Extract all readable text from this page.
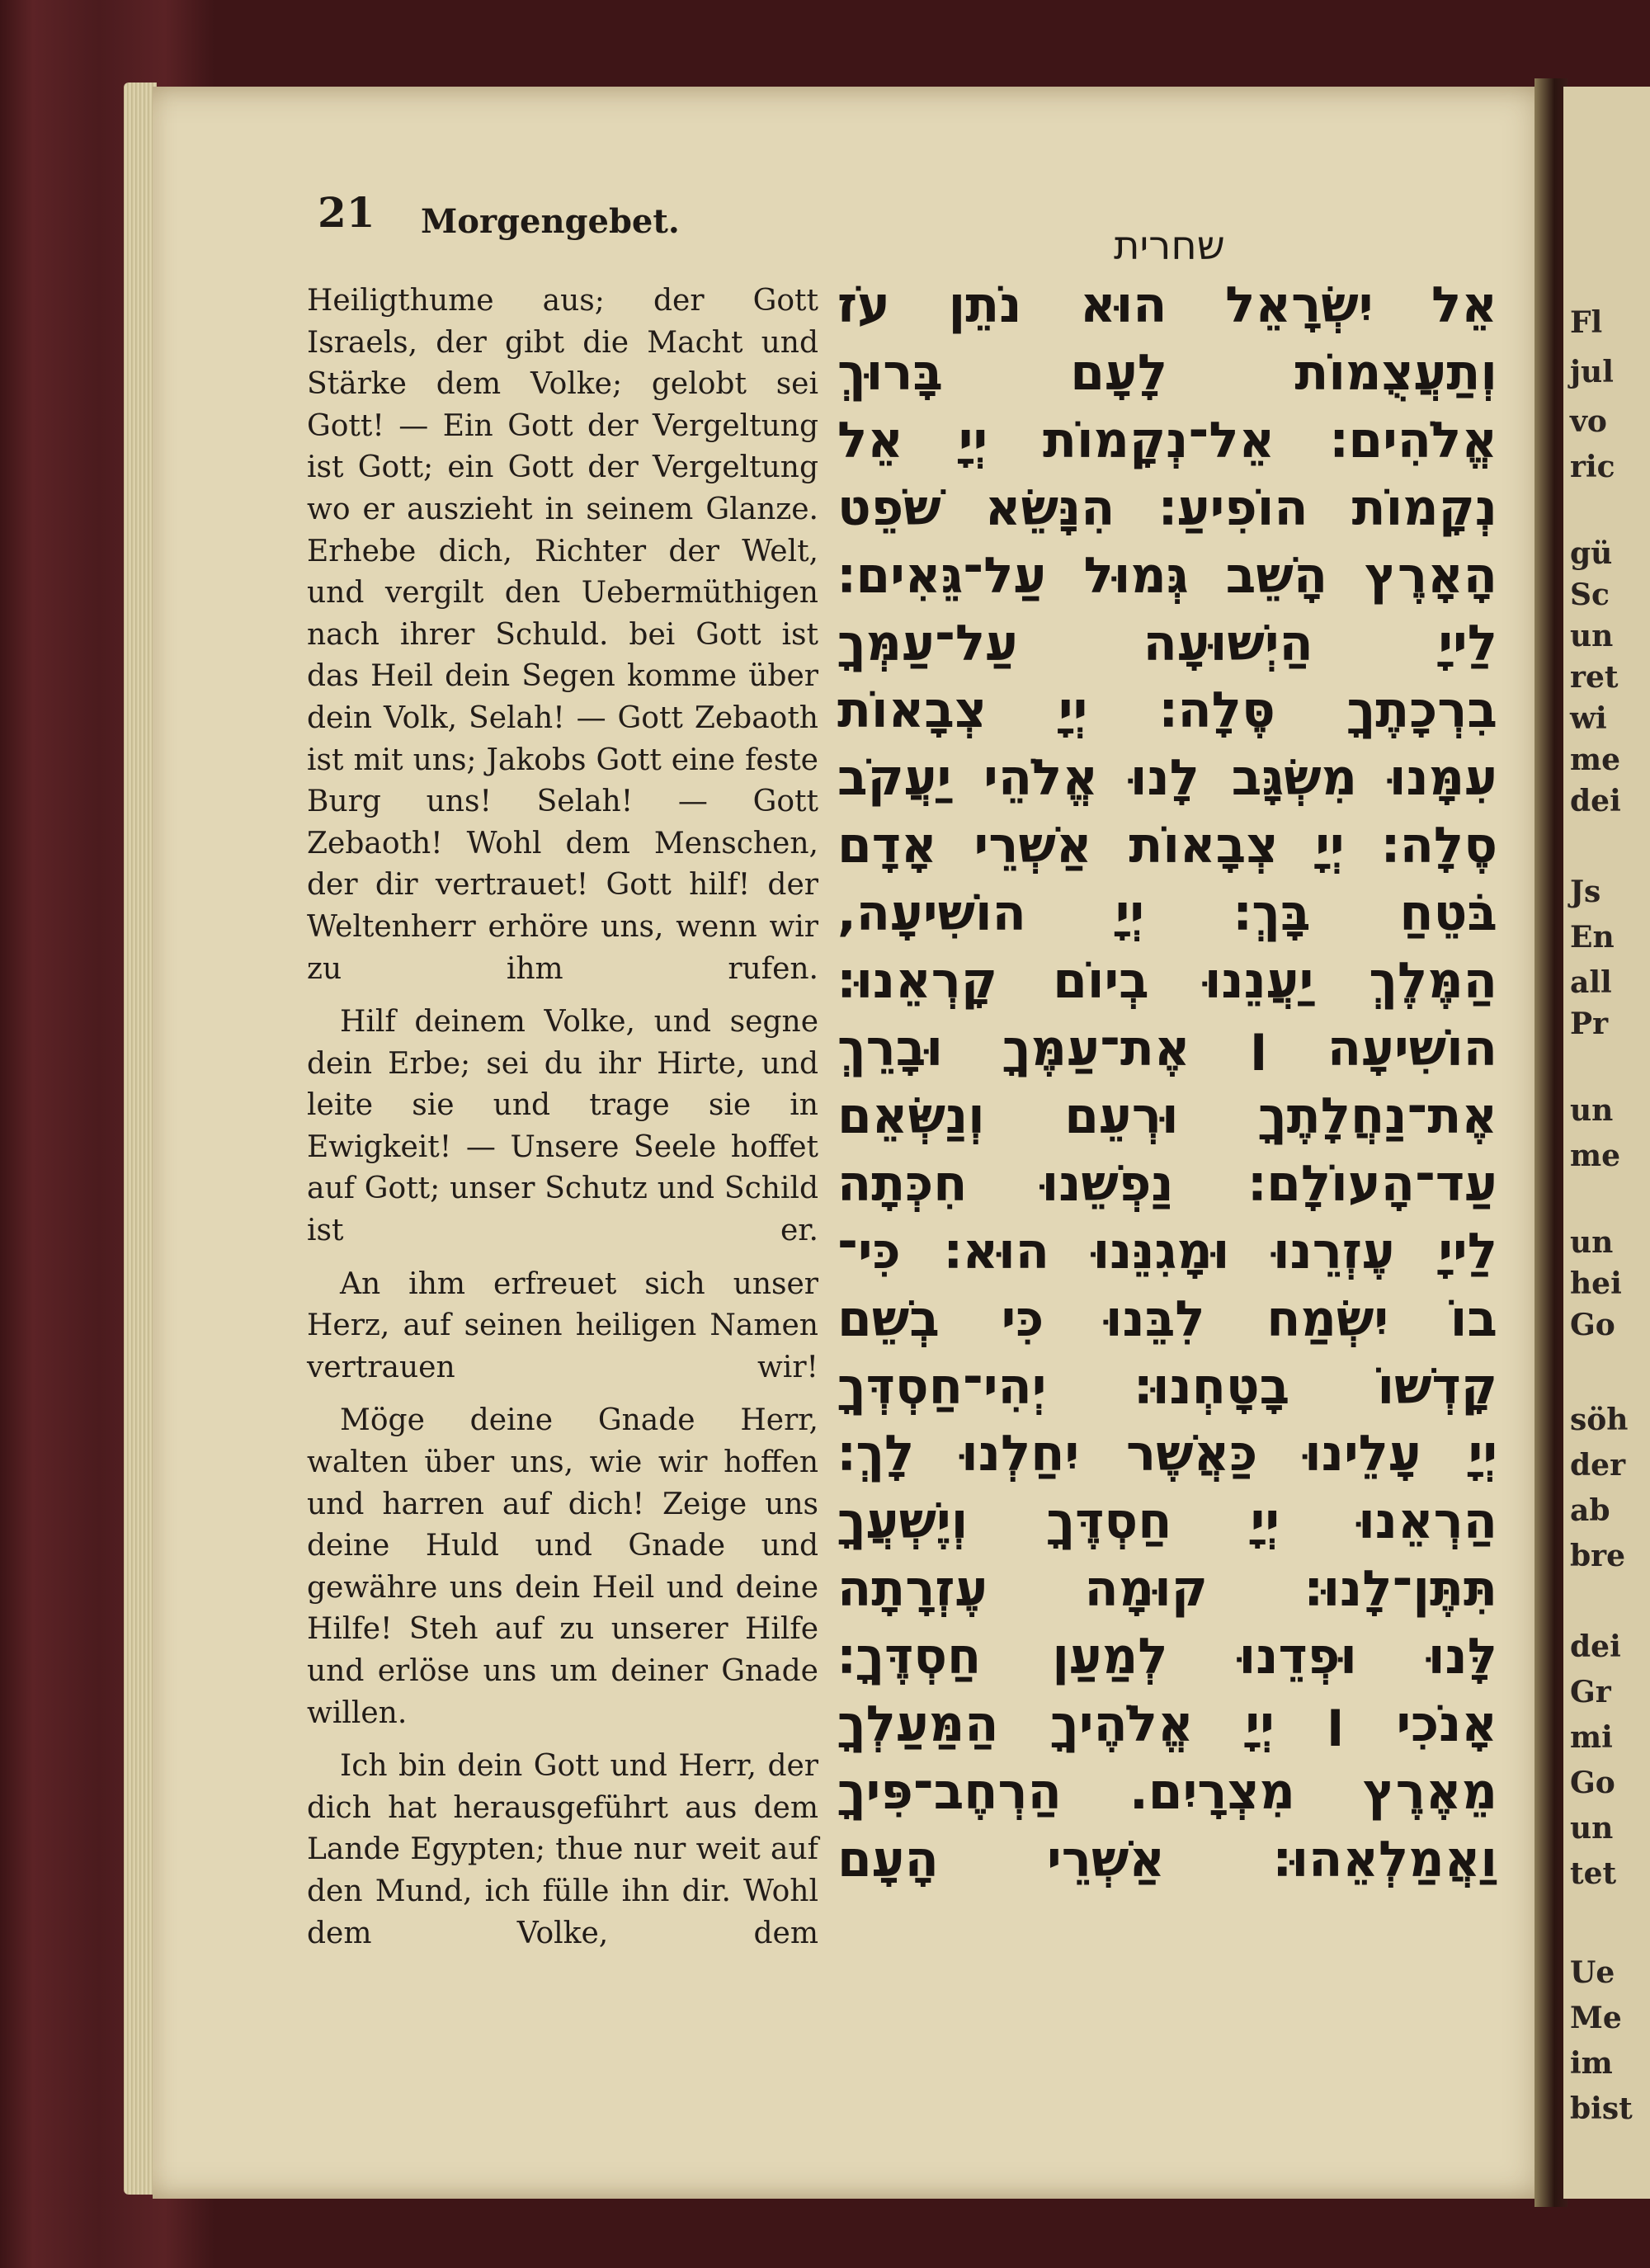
21 Morgengebet.
שחרית

Heiligthume aus; der Gott Israels, der gibt die Macht und Stärke dem Volke; gelobt sei Gott! — Ein Gott der Vergeltung ist Gott; ein Gott der Vergeltung wo er auszieht in seinem Glanze. Erhebe dich, Richter der Welt, und vergilt den Uebermüthigen nach ihrer Schuld. bei Gott ist das Heil dein Segen komme über dein Volk, Selah! — Gott Zebaoth ist mit uns; Jakobs Gott eine feste Burg uns! Selah! — Gott Zebaoth! Wohl dem Menschen, der dir vertrauet! Gott hilf! der Weltenherr erhöre uns, wenn wir zu ihm rufen.

Hilf deinem Volke, und segne dein Erbe; sei du ihr Hirte, und leite sie und trage sie in Ewigkeit! — Unsere Seele hoffet auf Gott; unser Schutz und Schild ist er.

An ihm erfreuet sich unser Herz, auf seinen heiligen Namen vertrauen wir!

Möge deine Gnade Herr, walten über uns, wie wir hoffen und harren auf dich! Zeige uns deine Huld und Gnade und gewähre uns dein Heil und deine Hilfe! Steh auf zu unserer Hilfe und erlöse uns um deiner Gnade willen.

Ich bin dein Gott und Herr, der dich hat herausgeführt aus dem Lande Egypten; thue nur weit auf den Mund, ich fülle ihn dir. Wohl dem Volke, dem

אֵל יִשְׂרָאֵל הוּא נֹתֵן עֹז
וְתַעֲצֻמוֹת לָעָם בָּרוּךְ
אֱלֹהִים׃ אֵל־נְקָמוֹת יְיָ אֵל
נְקָמוֹת הוֹפִיעַ׃ הִנָּשֵׂא שֹׁפֵט
הָאָרֶץ הָשֵׁב גְּמוּל עַל־גֵּאִים׃
לַייָ הַיְשׁוּעָה עַל־עַמְּךָ
בִרְכָתֶךָ סֶּלָה׃ יְיָ צְבָאוֹת
עִמָּנוּ מִשְׂגָּב לָנוּ אֱלֹהֵי יַעֲקֹב
סֶלָה׃ יְיָ צְבָאוֹת אַשְׁרֵי אָדָם
בֹּטֵחַ בָּךְ׃ יְיָ הוֹשִׁיעָה,
הַמֶּלֶךְ יַעֲנֵנוּ בְיוֹם קָרְאֵנוּ׃
הוֹשִׁיעָה ׀ אֶת־עַמֶּךָ וּבָרֵךְ
אֶת־נַחֲלָתֶךָ וּרְעֵם וְנַשְּׂאֵם
עַד־הָעוֹלָם׃ נַפְשֵׁנוּ חִכְּתָה
לַייָ עֶזְרֵנוּ וּמָגִנֵּנוּ הוּא׃ כִּי־
בוֹ יִשְׂמַח לִבֵּנוּ כִּי בְשֵׁם
קָדְשׁוֹ בָטָחְנוּ׃ יְהִי־חַסְדְּךָ
יְיָ עָלֵינוּ כַּאֲשֶׁר יִחַלְנוּ לָךְ׃
הַרְאֵנוּ יְיָ חַסְדֶּךָ וְיֶשְׁעֲךָ
תִּתֶּן־לָנוּ׃ קוּמָה עֶזְרָתָה
לָּנוּ וּפְדֵנוּ לְמַעַן חַסְדֶּךָ׃
אָנֹכִי ׀ יְיָ אֱלֹהֶיךָ הַמַּעַלְךָ
מֵאֶרֶץ מִצְרָיִם. הַרְחֶב־פִּיךָ
וַאֲמַלְאֵהוּ׃ אַשְׁרֵי הָעָם
Fl
jul
vo
ric
gü
Sc
un
ret
wi
me
dei
Js
En
all
Pr
un
me
un
hei
Go
söh
der
ab
bre
dei
Gr
mi
Go
un
tet
Ue
Me
im
bist
